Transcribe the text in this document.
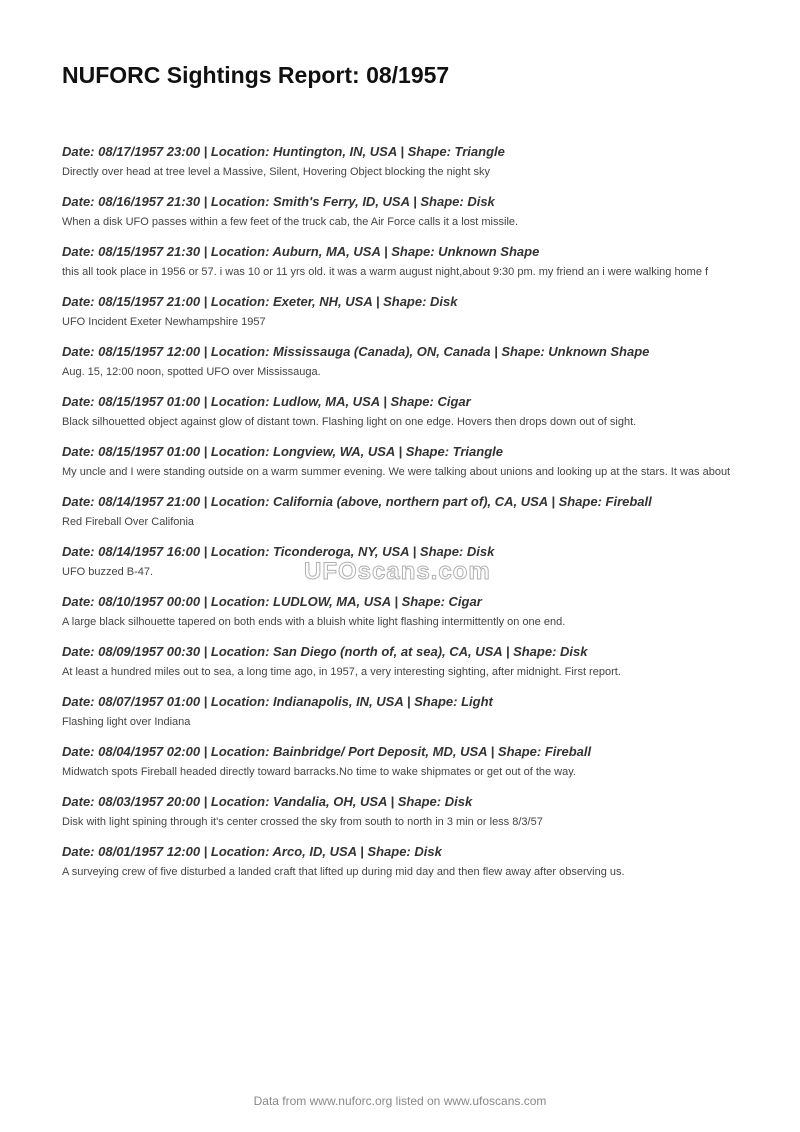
NUFORC Sightings Report: 08/1957
Date: 08/17/1957 23:00 | Location: Huntington, IN, USA | Shape: Triangle
Directly over head at tree level a Massive, Silent, Hovering Object blocking the night sky
Date: 08/16/1957 21:30 | Location: Smith's Ferry, ID, USA | Shape: Disk
When a disk UFO passes within a few feet of the truck cab, the Air Force calls it a lost missile.
Date: 08/15/1957 21:30 | Location: Auburn, MA, USA | Shape: Unknown Shape
this all took place in 1956 or 57. i was 10 or 11 yrs old. it was a warm august night,about 9:30 pm. my friend an i were walking home f
Date: 08/15/1957 21:00 | Location: Exeter, NH, USA | Shape: Disk
UFO Incident Exeter Newhampshire 1957
Date: 08/15/1957 12:00 | Location: Mississauga (Canada), ON, Canada | Shape: Unknown Shape
Aug. 15, 12:00 noon, spotted UFO over Mississauga.
Date: 08/15/1957 01:00 | Location: Ludlow, MA, USA | Shape: Cigar
Black silhouetted object against glow of distant town. Flashing light on one edge. Hovers then drops down out of sight.
Date: 08/15/1957 01:00 | Location: Longview, WA, USA | Shape: Triangle
My uncle and I were standing outside on a warm summer evening. We were talking about unions and looking up at the stars. It was about
Date: 08/14/1957 21:00 | Location: California (above, northern part of), CA, USA | Shape: Fireball
Red Fireball Over Califonia
Date: 08/14/1957 16:00 | Location: Ticonderoga, NY, USA | Shape: Disk
UFO buzzed B-47.
Date: 08/10/1957 00:00 | Location: LUDLOW, MA, USA | Shape: Cigar
A large black silhouette tapered on both ends with a bluish white light flashing intermittently on one end.
Date: 08/09/1957 00:30 | Location: San Diego (north of, at sea), CA, USA | Shape: Disk
At least a hundred miles out to sea, a long time ago, in 1957, a very interesting sighting, after midnight. First report.
Date: 08/07/1957 01:00 | Location: Indianapolis, IN, USA | Shape: Light
Flashing light over Indiana
Date: 08/04/1957 02:00 | Location: Bainbridge/ Port Deposit, MD, USA | Shape: Fireball
Midwatch spots Fireball headed directly toward barracks.No time to wake shipmates or get out of the way.
Date: 08/03/1957 20:00 | Location: Vandalia, OH, USA | Shape: Disk
Disk with light spining through it's center crossed the sky from south to north in 3 min or less 8/3/57
Date: 08/01/1957 12:00 | Location: Arco, ID, USA | Shape: Disk
A surveying crew of five disturbed a landed craft that lifted up during mid day and then flew away after observing us.
UFOscans.com
Data from www.nuforc.org listed on www.ufoscans.com
